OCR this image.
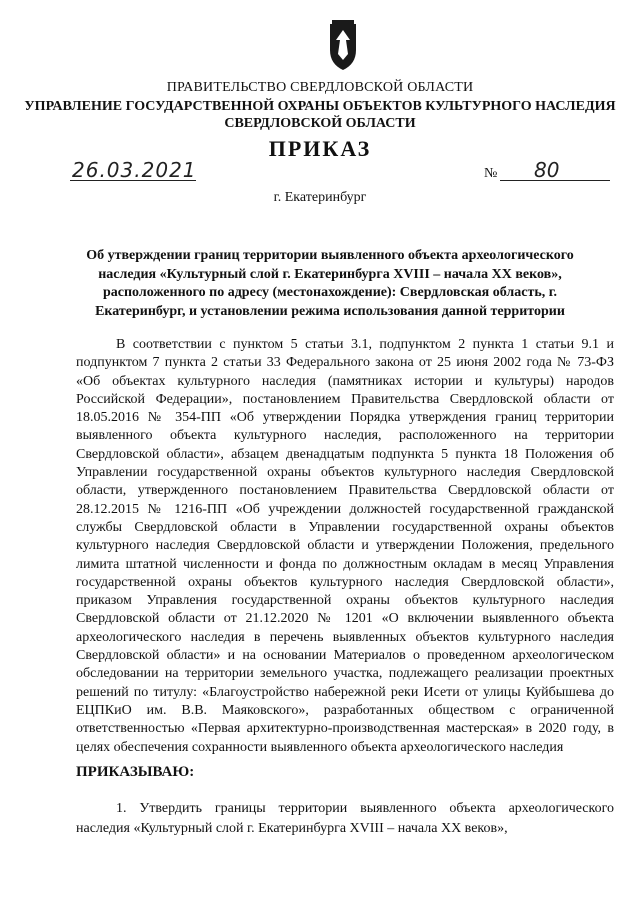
ПРАВИТЕЛЬСТВО СВЕРДЛОВСКОЙ ОБЛАСТИ
УПРАВЛЕНИЕ ГОСУДАРСТВЕННОЙ ОХРАНЫ ОБЪЕКТОВ КУЛЬТУРНОГО НАСЛЕДИЯ
СВЕРДЛОВСКОЙ ОБЛАСТИ
ПРИКАЗ
26.03.2021	№ 80
г. Екатеринбург
Об утверждении границ территории выявленного объекта археологического наследия «Культурный слой г. Екатеринбурга XVIII – начала XX веков», расположенного по адресу (местонахождение): Свердловская область, г. Екатеринбург, и установлении режима использования данной территории
В соответствии с пунктом 5 статьи 3.1, подпунктом 2 пункта 1 статьи 9.1 и подпунктом 7 пункта 2 статьи 33 Федерального закона от 25 июня 2002 года № 73-ФЗ «Об объектах культурного наследия (памятниках истории и культуры) народов Российской Федерации», постановлением Правительства Свердловской области от 18.05.2016 № 354-ПП «Об утверждении Порядка утверждения границ территории выявленного объекта культурного наследия, расположенного на территории Свердловской области», абзацем двенадцатым подпункта 5 пункта 18 Положения об Управлении государственной охраны объектов культурного наследия Свердловской области, утвержденного постановлением Правительства Свердловской области от 28.12.2015 № 1216-ПП «Об учреждении должностей государственной гражданской службы Свердловской области в Управлении государственной охраны объектов культурного наследия Свердловской области и утверждении Положения, предельного лимита штатной численности и фонда по должностным окладам в месяц Управления государственной охраны объектов культурного наследия Свердловской области», приказом Управления государственной охраны объектов культурного наследия Свердловской области от 21.12.2020 № 1201 «О включении выявленного объекта археологического наследия в перечень выявленных объектов культурного наследия Свердловской области» и на основании Материалов о проведенном археологическом обследовании на территории земельного участка, подлежащего реализации проектных решений по титулу: «Благоустройство набережной реки Исети от улицы Куйбышева до ЕЦПКиО им. В.В. Маяковского», разработанных обществом с ограниченной ответственностью «Первая архитектурно-производственная мастерская» в 2020 году, в целях обеспечения сохранности выявленного объекта археологического наследия
ПРИКАЗЫВАЮ:
1. Утвердить границы территории выявленного объекта археологического наследия «Культурный слой г. Екатеринбурга XVIII – начала XX веков»,
